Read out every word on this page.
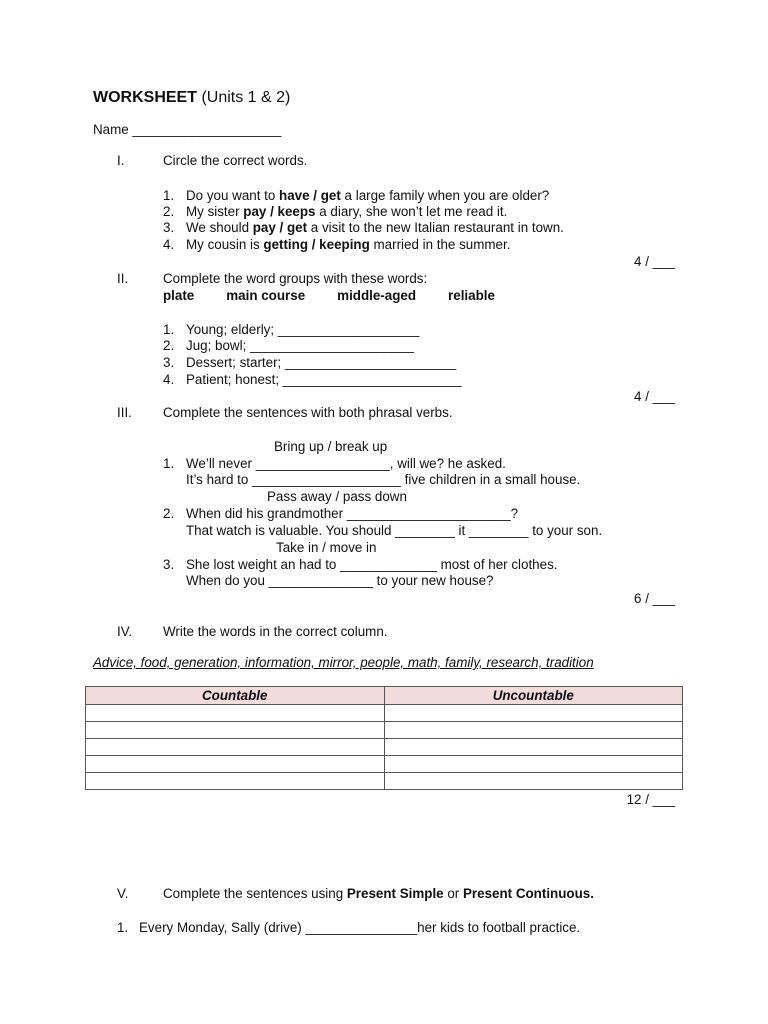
WORKSHEET (Units 1 & 2)
Name ____________________
I.	Circle the correct words.
1. Do you want to have / get a large family when you are older?
2. My sister pay / keeps a diary, she won’t let me read it.
3. We should pay / get a visit to the new Italian restaurant in town.
4. My cousin is getting / keeping married in the summer.
4 / ___
II.	Complete the word groups with these words:
plate main course middle-aged reliable
1. Young; elderly; ___________________
2. Jug; bowl; ______________________
3. Dessert; starter; _______________________
4. Patient; honest; ________________________
4 / ___
III.	Complete the sentences with both phrasal verbs.
Bring up / break up
1. We’ll never __________________, will we? he asked.
It’s hard to ____________________ five children in a small house.
Pass away / pass down
2. When did his grandmother ______________________?
That watch is valuable. You should ________ it ________ to your son.
Take in / move in
3. She lost weight an had to _____________ most of her clothes.
When do you ______________ to your new house?
6 / ___
IV.	Write the words in the correct column.
Advice, food, generation, information, mirror, people, math, family, research, tradition
Countable	Uncountable

12 / ___
V.	Complete the sentences using Present Simple or Present Continuous.
1. Every Monday, Sally (drive) _______________her kids to football practice.
